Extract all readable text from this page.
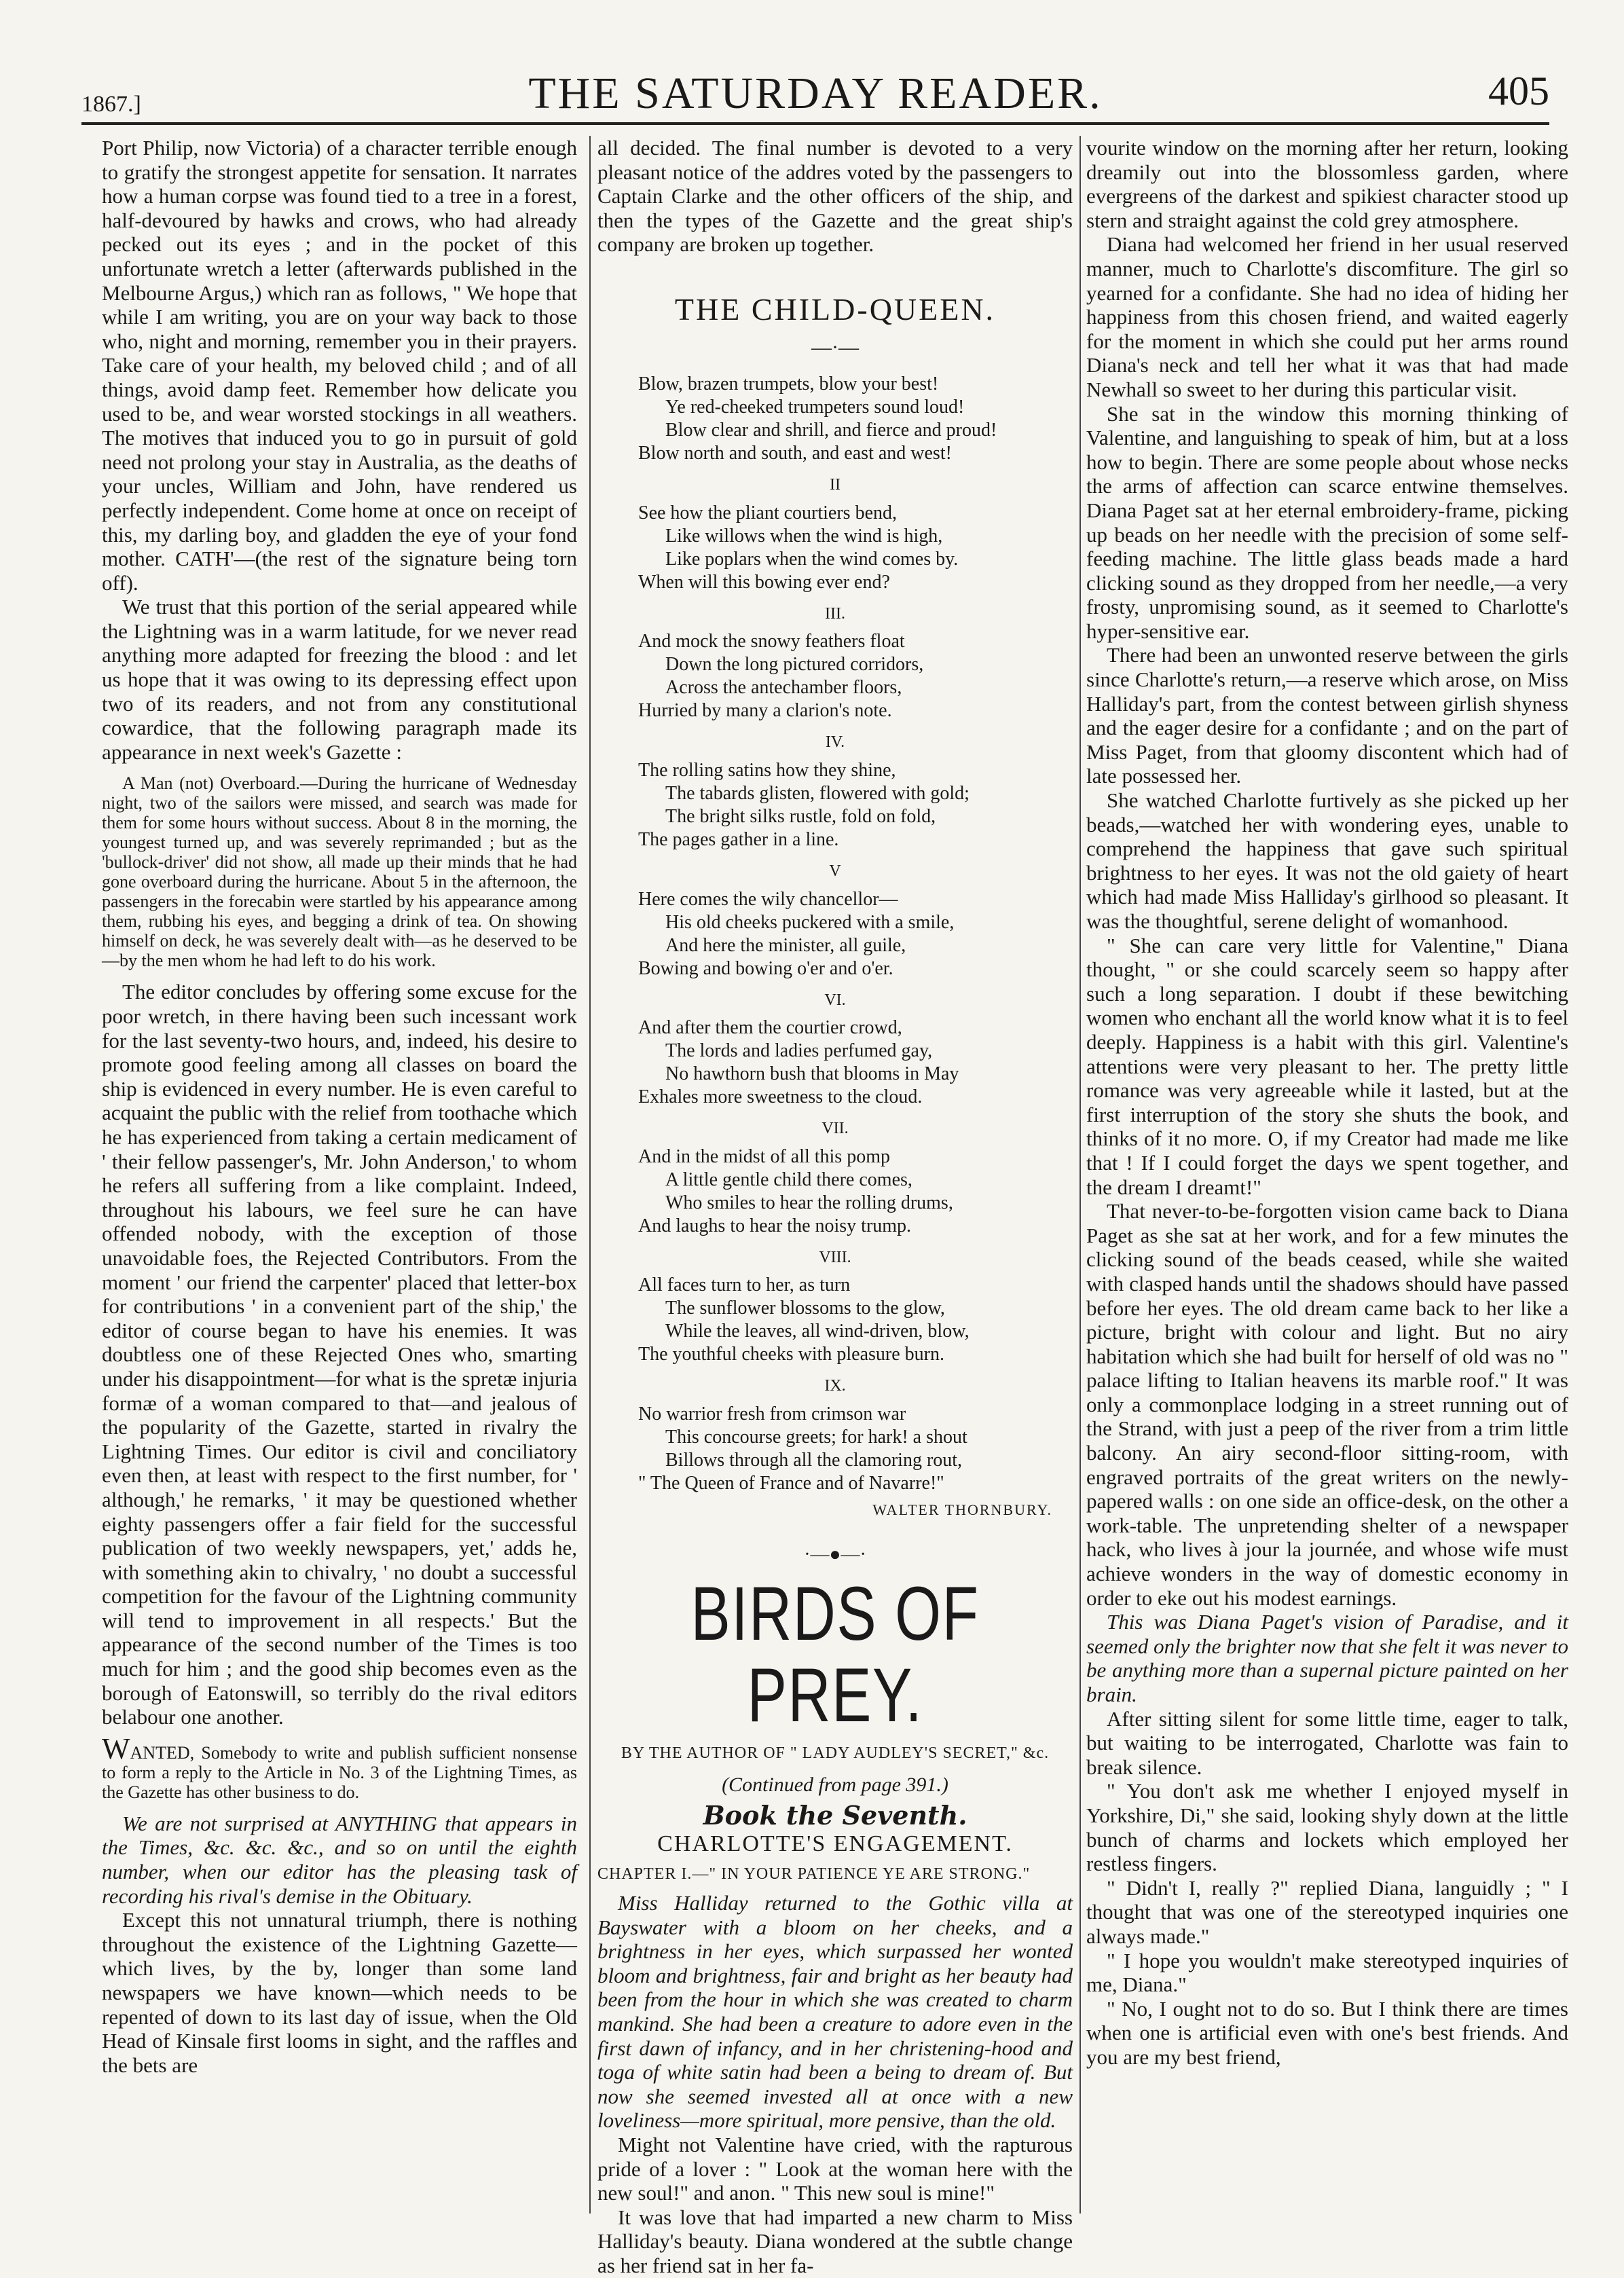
1867.]	THE SATURDAY READER.	405

Port Philip, now Victoria) of a character terrible enough to gratify the strongest appetite for sensation. It narrates how a human corpse was found tied to a tree in a forest, half-devoured by hawks and crows, who had already pecked out its eyes ; and in the pocket of this unfortunate wretch a letter (afterwards published in the Melbourne Argus,) which ran as follows, " We hope that while I am writing, you are on your way back to those who, night and morning, remember you in their prayers. Take care of your health, my beloved child ; and of all things, avoid damp feet. Remember how delicate you used to be, and wear worsted stockings in all weathers. The motives that induced you to go in pursuit of gold need not prolong your stay in Australia, as the deaths of your uncles, William and John, have rendered us perfectly independent. Come home at once on receipt of this, my darling boy, and gladden the eye of your fond mother. CATH'—(the rest of the signature being torn off).

We trust that this portion of the serial appeared while the Lightning was in a warm latitude, for we never read anything more adapted for freezing the blood : and let us hope that it was owing to its depressing effect upon two of its readers, and not from any constitutional cowardice, that the following paragraph made its appearance in next week's Gazette :

A Man (not) Overboard.—During the hurricane of Wednesday night, two of the sailors were missed, and search was made for them for some hours without success. About 8 in the morning, the youngest turned up, and was severely reprimanded ; but as the 'bullock-driver' did not show, all made up their minds that he had gone overboard during the hurricane. About 5 in the afternoon, the passengers in the forecabin were startled by his appearance among them, rubbing his eyes, and begging a drink of tea. On showing himself on deck, he was severely dealt with—as he deserved to be—by the men whom he had left to do his work.

The editor concludes by offering some excuse for the poor wretch, in there having been such incessant work for the last seventy-two hours, and, indeed, his desire to promote good feeling among all classes on board the ship is evidenced in every number. He is even careful to acquaint the public with the relief from toothache which he has experienced from taking a certain medicament of ' their fellow passenger's, Mr. John Anderson,' to whom he refers all suffering from a like complaint. Indeed, throughout his labours, we feel sure he can have offended nobody, with the exception of those unavoidable foes, the Rejected Contributors. From the moment ' our friend the carpenter' placed that letter-box for contributions ' in a convenient part of the ship,' the editor of course began to have his enemies. It was doubtless one of these Rejected Ones who, smarting under his disappointment—for what is the spretæ injuria formæ of a woman compared to that—and jealous of the popularity of the Gazette, started in rivalry the Lightning Times. Our editor is civil and conciliatory even then, at least with respect to the first number, for ' although,' he remarks, ' it may be questioned whether eighty passengers offer a fair field for the successful publication of two weekly newspapers, yet,' adds he, with something akin to chivalry, ' no doubt a successful competition for the favour of the Lightning community will tend to improvement in all respects.' But the appearance of the second number of the Times is too much for him ; and the good ship becomes even as the borough of Eatonswill, so terribly do the rival editors belabour one another.

WANTED, Somebody to write and publish sufficient nonsense to form a reply to the Article in No. 3 of the Lightning Times, as the Gazette has other business to do.

We are not surprised at ANYTHING that appears in the Times, &c. &c. &c., and so on until the eighth number, when our editor has the pleasing task of recording his rival's demise in the Obituary.

Except this not unnatural triumph, there is nothing throughout the existence of the Lightning Gazette—which lives, by the by, longer than some land newspapers we have known—which needs to be repented of down to its last day of issue, when the Old Head of Kinsale first looms in sight, and the raffles and the bets are

all decided. The final number is devoted to a very pleasant notice of the addres voted by the passengers to Captain Clarke and the other officers of the ship, and then the types of the Gazette and the great ship's company are broken up together.

THE CHILD-QUEEN.
—·—
Blow, brazen trumpets, blow your best!
Ye red-cheeked trumpeters sound loud!
Blow clear and shrill, and fierce and proud!
Blow north and south, and east and west!
II
See how the pliant courtiers bend,
Like willows when the wind is high,
Like poplars when the wind comes by.
When will this bowing ever end?
III.
And mock the snowy feathers float
Down the long pictured corridors,
Across the antechamber floors,
Hurried by many a clarion's note.
IV.
The rolling satins how they shine,
The tabards glisten, flowered with gold;
The bright silks rustle, fold on fold,
The pages gather in a line.
V
Here comes the wily chancellor—
His old cheeks puckered with a smile,
And here the minister, all guile,
Bowing and bowing o'er and o'er.
VI.
And after them the courtier crowd,
The lords and ladies perfumed gay,
No hawthorn bush that blooms in May
Exhales more sweetness to the cloud.
VII.
And in the midst of all this pomp
A little gentle child there comes,
Who smiles to hear the rolling drums,
And laughs to hear the noisy trump.
VIII.
All faces turn to her, as turn
The sunflower blossoms to the glow,
While the leaves, all wind-driven, blow,
The youthful cheeks with pleasure burn.
IX.
No warrior fresh from crimson war
This concourse greets; for hark! a shout
Billows through all the clamoring rout,
" The Queen of France and of Navarre!"
WALTER THORNBURY.
·—●—·
BIRDS OF PREY.
BY THE AUTHOR OF " LADY AUDLEY'S SECRET," &c.
(Continued from page 391.)
Book the Seventh.
CHARLOTTE'S ENGAGEMENT.
CHAPTER I.—" IN YOUR PATIENCE YE ARE STRONG."

Miss Halliday returned to the Gothic villa at Bayswater with a bloom on her cheeks, and a brightness in her eyes, which surpassed her wonted bloom and brightness, fair and bright as her beauty had been from the hour in which she was created to charm mankind. She had been a creature to adore even in the first dawn of infancy, and in her christening-hood and toga of white satin had been a being to dream of. But now she seemed invested all at once with a new loveliness—more spiritual, more pensive, than the old.

Might not Valentine have cried, with the rapturous pride of a lover : " Look at the woman here with the new soul!" and anon. " This new soul is mine!"

It was love that had imparted a new charm to Miss Halliday's beauty. Diana wondered at the subtle change as her friend sat in her fa-

vourite window on the morning after her return, looking dreamily out into the blossomless garden, where evergreens of the darkest and spikiest character stood up stern and straight against the cold grey atmosphere.

Diana had welcomed her friend in her usual reserved manner, much to Charlotte's discomfiture. The girl so yearned for a confidante. She had no idea of hiding her happiness from this chosen friend, and waited eagerly for the moment in which she could put her arms round Diana's neck and tell her what it was that had made Newhall so sweet to her during this particular visit.

She sat in the window this morning thinking of Valentine, and languishing to speak of him, but at a loss how to begin. There are some people about whose necks the arms of affection can scarce entwine themselves. Diana Paget sat at her eternal embroidery-frame, picking up beads on her needle with the precision of some self-feeding machine. The little glass beads made a hard clicking sound as they dropped from her needle,—a very frosty, unpromising sound, as it seemed to Charlotte's hyper-sensitive ear.

There had been an unwonted reserve between the girls since Charlotte's return,—a reserve which arose, on Miss Halliday's part, from the contest between girlish shyness and the eager desire for a confidante ; and on the part of Miss Paget, from that gloomy discontent which had of late possessed her.

She watched Charlotte furtively as she picked up her beads,—watched her with wondering eyes, unable to comprehend the happiness that gave such spiritual brightness to her eyes. It was not the old gaiety of heart which had made Miss Halliday's girlhood so pleasant. It was the thoughtful, serene delight of womanhood.

" She can care very little for Valentine," Diana thought, " or she could scarcely seem so happy after such a long separation. I doubt if these bewitching women who enchant all the world know what it is to feel deeply. Happiness is a habit with this girl. Valentine's attentions were very pleasant to her. The pretty little romance was very agreeable while it lasted, but at the first interruption of the story she shuts the book, and thinks of it no more. O, if my Creator had made me like that ! If I could forget the days we spent together, and the dream I dreamt!"

That never-to-be-forgotten vision came back to Diana Paget as she sat at her work, and for a few minutes the clicking sound of the beads ceased, while she waited with clasped hands until the shadows should have passed before her eyes. The old dream came back to her like a picture, bright with colour and light. But no airy habitation which she had built for herself of old was no " palace lifting to Italian heavens its marble roof." It was only a commonplace lodging in a street running out of the Strand, with just a peep of the river from a trim little balcony. An airy second-floor sitting-room, with engraved portraits of the great writers on the newly-papered walls : on one side an office-desk, on the other a work-table. The unpretending shelter of a newspaper hack, who lives à jour la journée, and whose wife must achieve wonders in the way of domestic economy in order to eke out his modest earnings.

This was Diana Paget's vision of Paradise, and it seemed only the brighter now that she felt it was never to be anything more than a supernal picture painted on her brain.

After sitting silent for some little time, eager to talk, but waiting to be interrogated, Charlotte was fain to break silence.

" You don't ask me whether I enjoyed myself in Yorkshire, Di," she said, looking shyly down at the little bunch of charms and lockets which employed her restless fingers.

" Didn't I, really ?" replied Diana, languidly ; " I thought that was one of the stereotyped inquiries one always made."

" I hope you wouldn't make stereotyped inquiries of me, Diana."

" No, I ought not to do so. But I think there are times when one is artificial even with one's best friends. And you are my best friend,
